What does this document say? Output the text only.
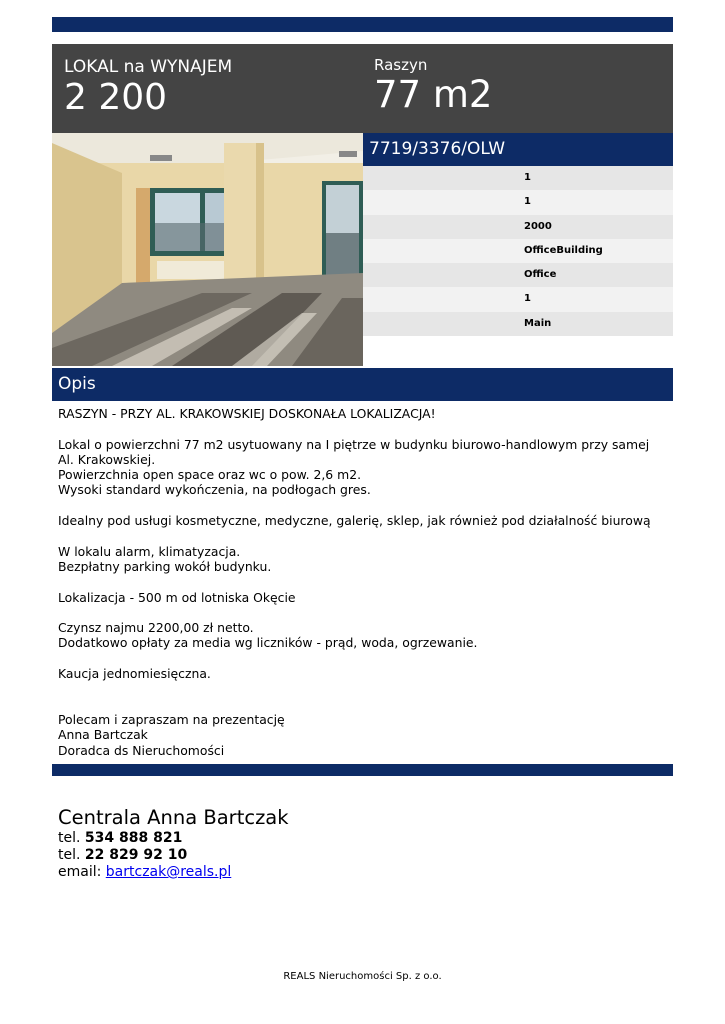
LOKAL na WYNAJEM
2 200
Raszyn
77 m2
7719/3376/OLW
1
1
2000
OfficeBuilding
Office
1
Main
Opis
RASZYN - PRZY AL. KRAKOWSKIEJ DOSKONAŁA LOKALIZACJA!

Lokal o powierzchni 77 m2 usytuowany na I piętrze w budynku biurowo-handlowym przy samej Al. Krakowskiej.
Powierzchnia open space oraz wc o pow. 2,6 m2.
Wysoki standard wykończenia, na podłogach gres.

Idealny pod usługi kosmetyczne, medyczne, galerię, sklep, jak również pod działalność biurową

W lokalu alarm, klimatyzacja.
Bezpłatny parking wokół budynku.

Lokalizacja - 500 m od lotniska Okęcie

Czynsz najmu 2200,00 zł netto.
Dodatkowo opłaty za media wg liczników - prąd, woda, ogrzewanie.

Kaucja jednomiesięczna.

Polecam i zapraszam na prezentację
Anna Bartczak
Doradca ds Nieruchomości
Centrala Anna Bartczak
tel. 534 888 821
tel. 22 829 92 10
email: bartczak@reals.pl
REALS Nieruchomości Sp. z o.o.
